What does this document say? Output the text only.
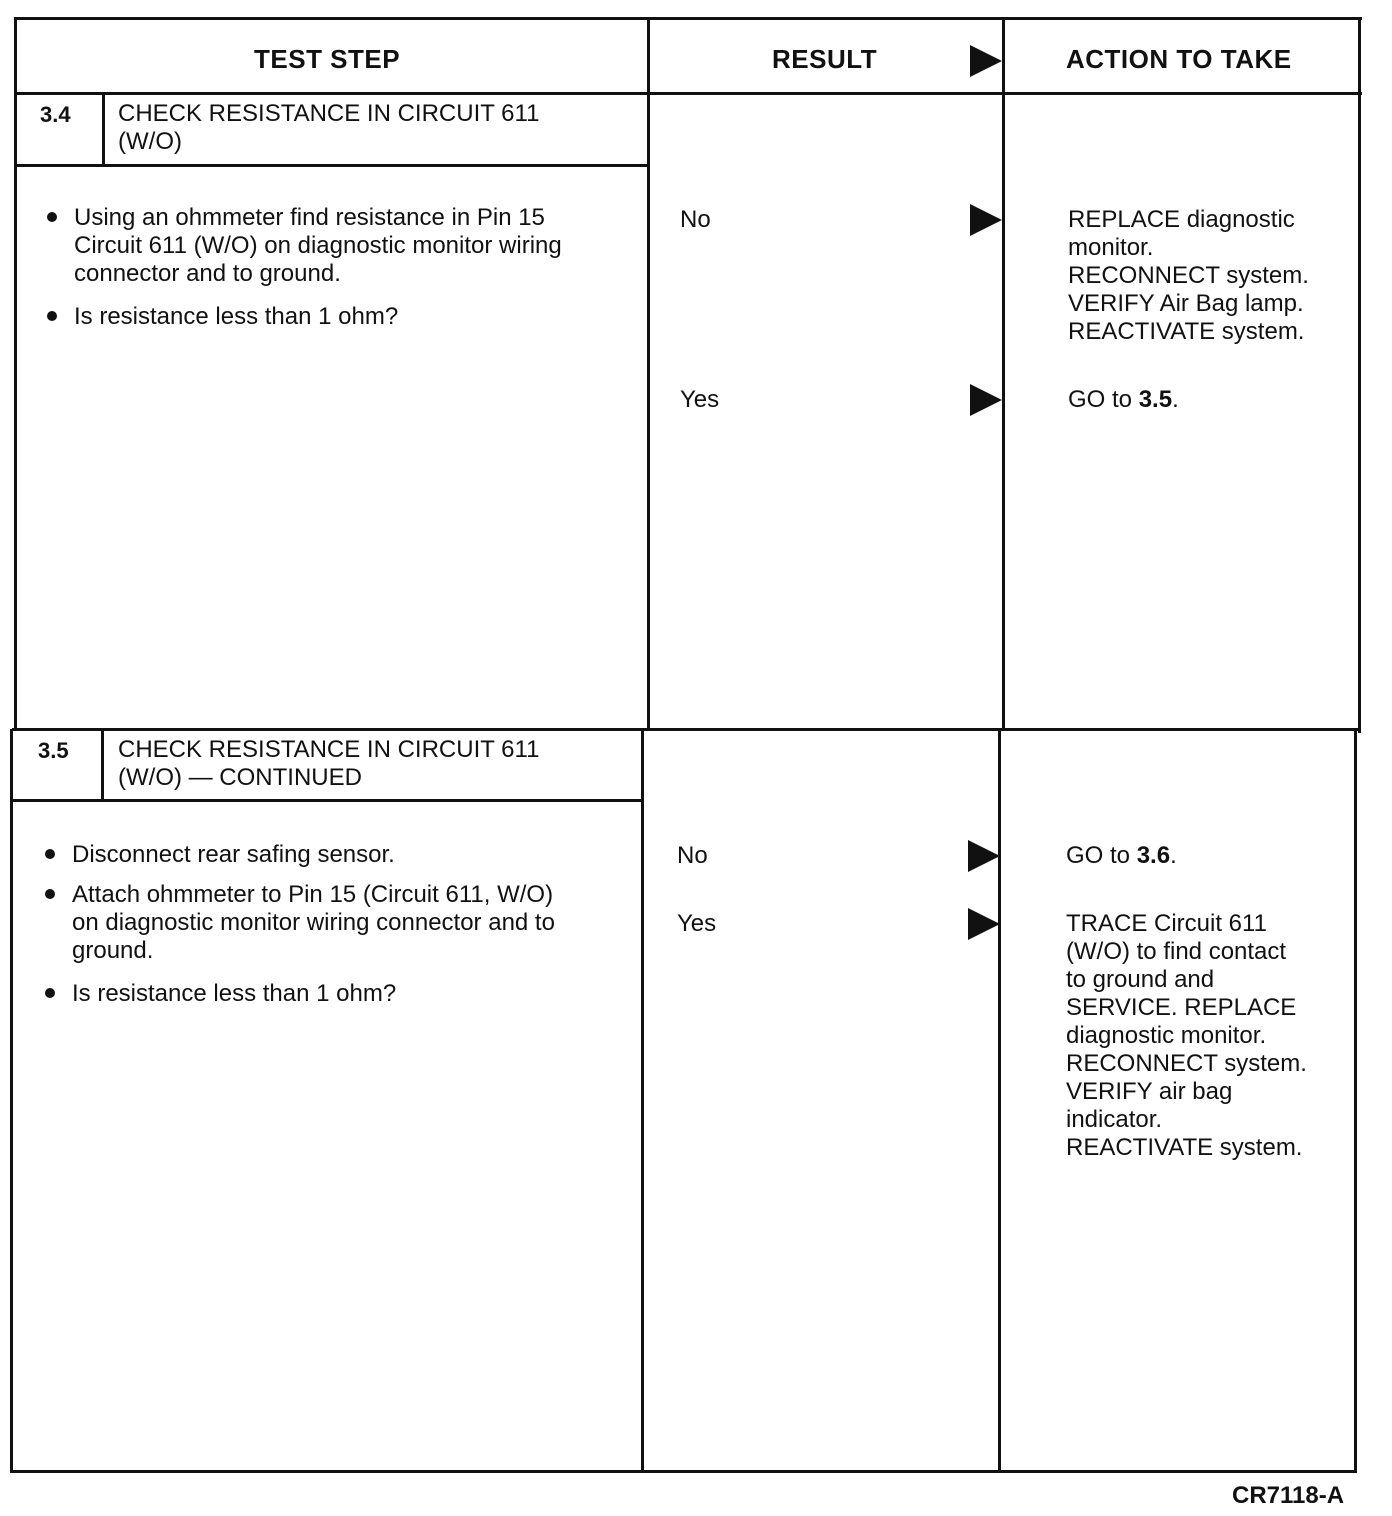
TEST STEP	RESULT	ACTION TO TAKE
3.4 CHECK RESISTANCE IN CIRCUIT 611
(W/O)
Using an ohmmeter find resistance in Pin 15
Circuit 611 (W/O) on diagnostic monitor wiring
connector and to ground.
Is resistance less than 1 ohm?
No	REPLACE diagnostic
monitor.
RECONNECT system.
VERIFY Air Bag lamp.
REACTIVATE system.
Yes	GO to 3.5.
3.5 CHECK RESISTANCE IN CIRCUIT 611
(W/O) — CONTINUED
Disconnect rear safing sensor.
Attach ohmmeter to Pin 15 (Circuit 611, W/O)
on diagnostic monitor wiring connector and to
ground.
Is resistance less than 1 ohm?
No	GO to 3.6.
Yes	TRACE Circuit 611
(W/O) to find contact
to ground and
SERVICE. REPLACE
diagnostic monitor.
RECONNECT system.
VERIFY air bag
indicator.
REACTIVATE system.
CR7118-A
